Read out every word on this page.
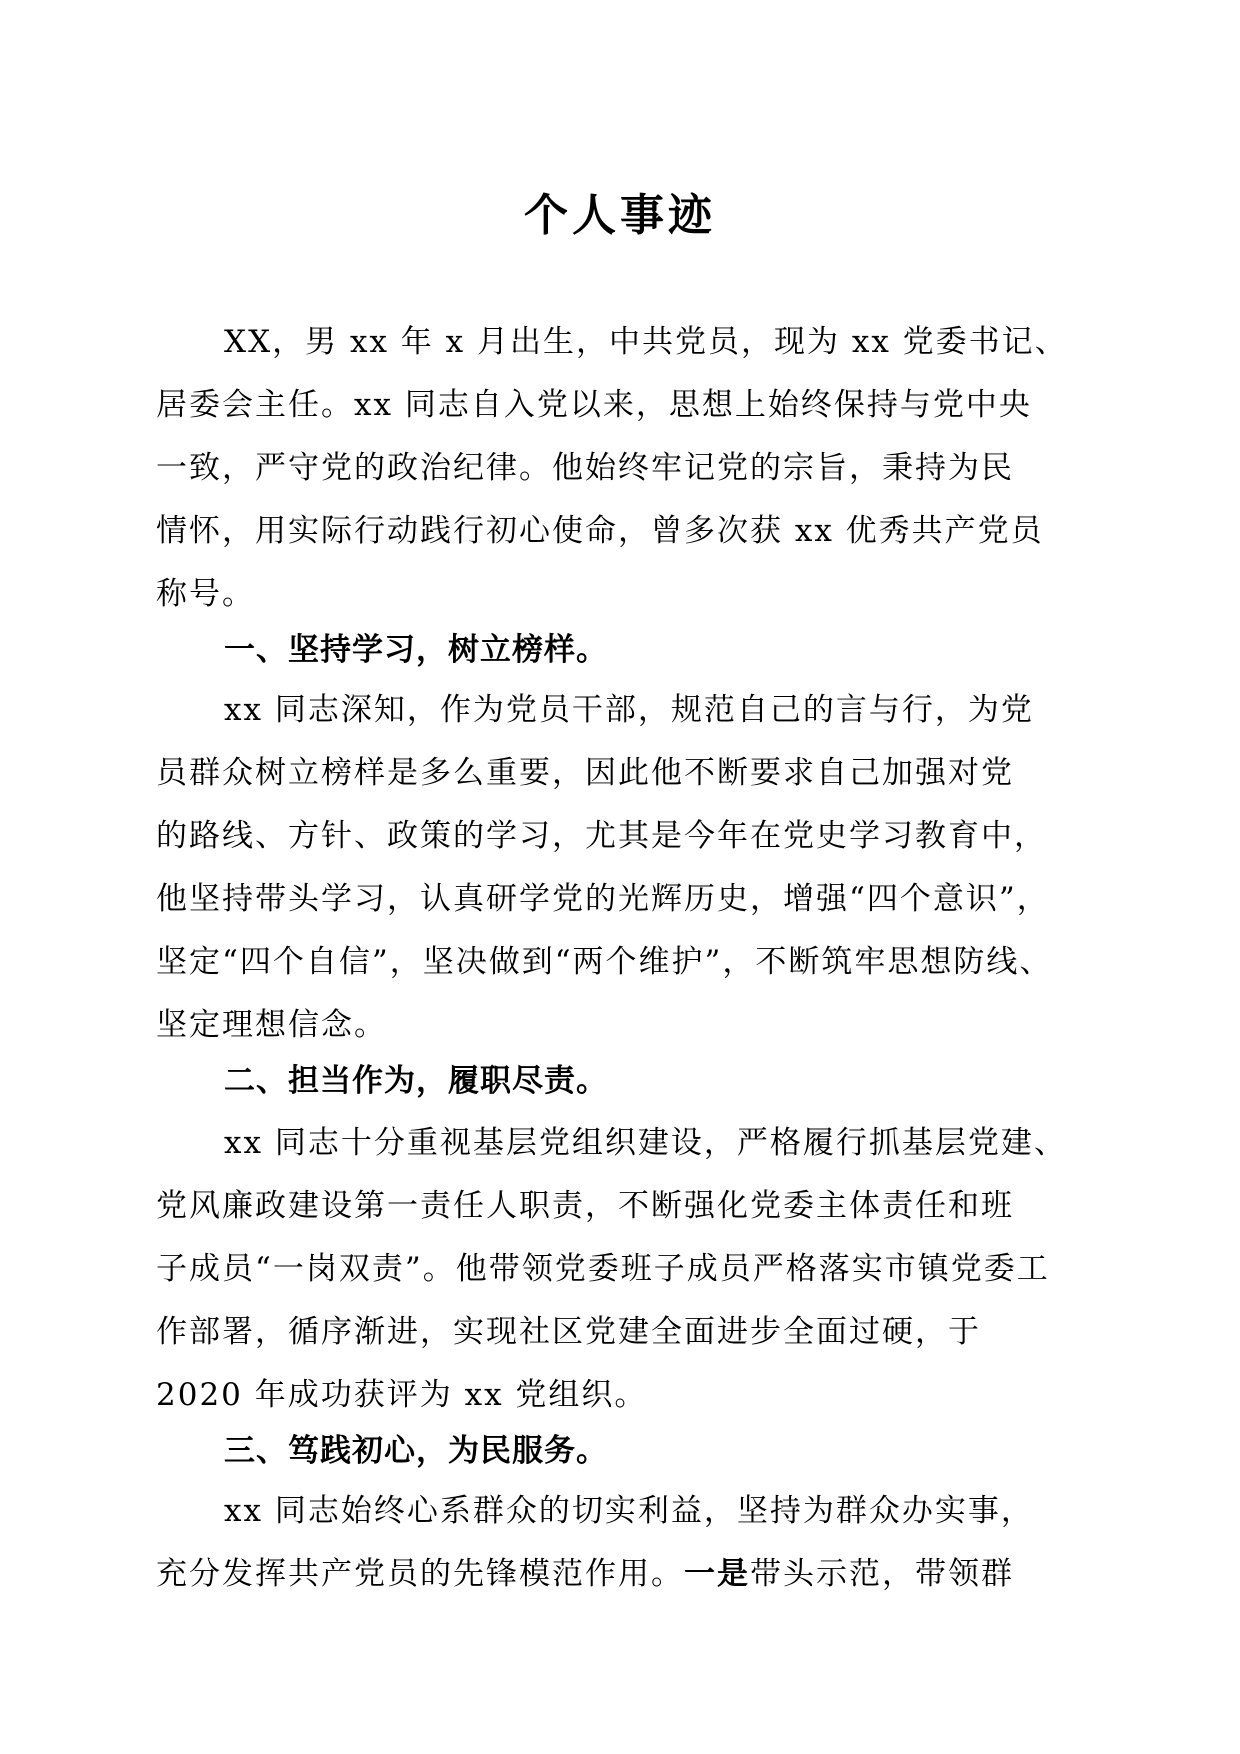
个人事迹
XX，男 xx 年 x 月出生，中共党员，现为 xx 党委书记、
居委会主任。xx 同志自入党以来，思想上始终保持与党中央
一致，严守党的政治纪律。他始终牢记党的宗旨，秉持为民
情怀，用实际行动践行初心使命，曾多次获 xx 优秀共产党员
称号。
一、坚持学习，树立榜样。
xx 同志深知，作为党员干部，规范自己的言与行，为党
员群众树立榜样是多么重要，因此他不断要求自己加强对党
的路线、方针、政策的学习，尤其是今年在党史学习教育中，
他坚持带头学习，认真研学党的光辉历史，增强“四个意识”，
坚定“四个自信”，坚决做到“两个维护”，不断筑牢思想防线、
坚定理想信念。
二、担当作为，履职尽责。
xx 同志十分重视基层党组织建设，严格履行抓基层党建、
党风廉政建设第一责任人职责，不断强化党委主体责任和班
子成员“一岗双责”。他带领党委班子成员严格落实市镇党委工
作部署，循序渐进，实现社区党建全面进步全面过硬，于
2020 年成功获评为 xx 党组织。
三、笃践初心，为民服务。
xx 同志始终心系群众的切实利益，坚持为群众办实事，
充分发挥共产党员的先锋模范作用。一是带头示范，带领群
